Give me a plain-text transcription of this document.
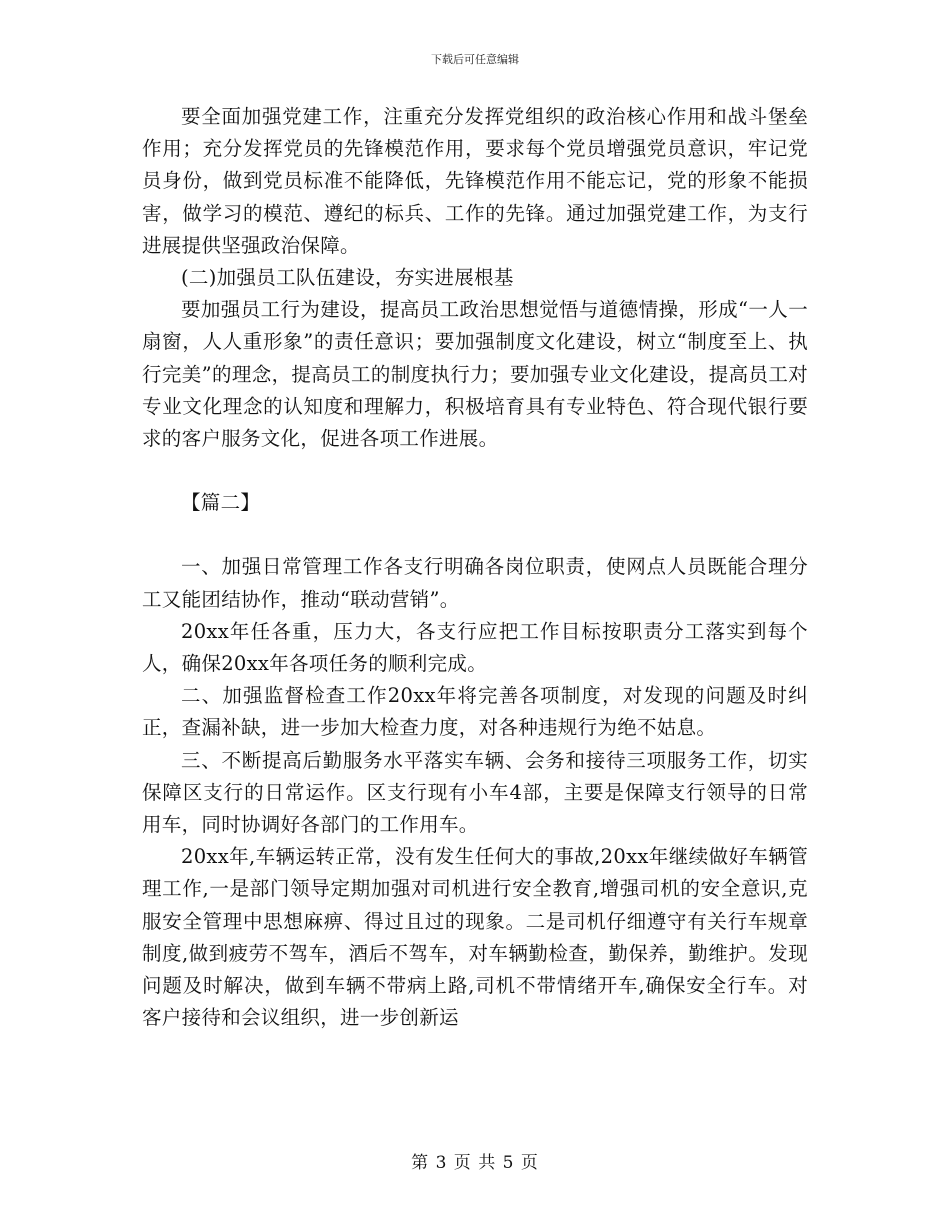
下载后可任意编辑

要全面加强党建工作，注重充分发挥党组织的政治核心作用和战斗堡垒作用；充分发挥党员的先锋模范作用，要求每个党员增强党员意识，牢记党员身份，做到党员标准不能降低，先锋模范作用不能忘记，党的形象不能损害，做学习的模范、遵纪的标兵、工作的先锋。通过加强党建工作，为支行进展提供坚强政治保障。

(二)加强员工队伍建设，夯实进展根基

要加强员工行为建设，提高员工政治思想觉悟与道德情操，形成“一人一扇窗，人人重形象”的责任意识；要加强制度文化建设，树立“制度至上、执行完美”的理念，提高员工的制度执行力；要加强专业文化建设，提高员工对专业文化理念的认知度和理解力，积极培育具有专业特色、符合现代银行要求的客户服务文化，促进各项工作进展。

【篇二】

一、加强日常管理工作各支行明确各岗位职责，使网点人员既能合理分工又能团结协作，推动“联动营销”。

20xx年任各重，压力大，各支行应把工作目标按职责分工落实到每个人，确保20xx年各项任务的顺利完成。

二、加强监督检查工作20xx年将完善各项制度，对发现的问题及时纠正，查漏补缺，进一步加大检查力度，对各种违规行为绝不姑息。

三、不断提高后勤服务水平落实车辆、会务和接待三项服务工作，切实保障区支行的日常运作。区支行现有小车4部，主要是保障支行领导的日常用车，同时协调好各部门的工作用车。

20xx年,车辆运转正常，没有发生任何大的事故,20xx年继续做好车辆管理工作,一是部门领导定期加强对司机进行安全教育,增强司机的安全意识,克服安全管理中思想麻痹、得过且过的现象。二是司机仔细遵守有关行车规章制度,做到疲劳不驾车，酒后不驾车，对车辆勤检查，勤保养，勤维护。发现问题及时解决，做到车辆不带病上路,司机不带情绪开车,确保安全行车。对客户接待和会议组织，进一步创新运

第 3 页 共 5 页
